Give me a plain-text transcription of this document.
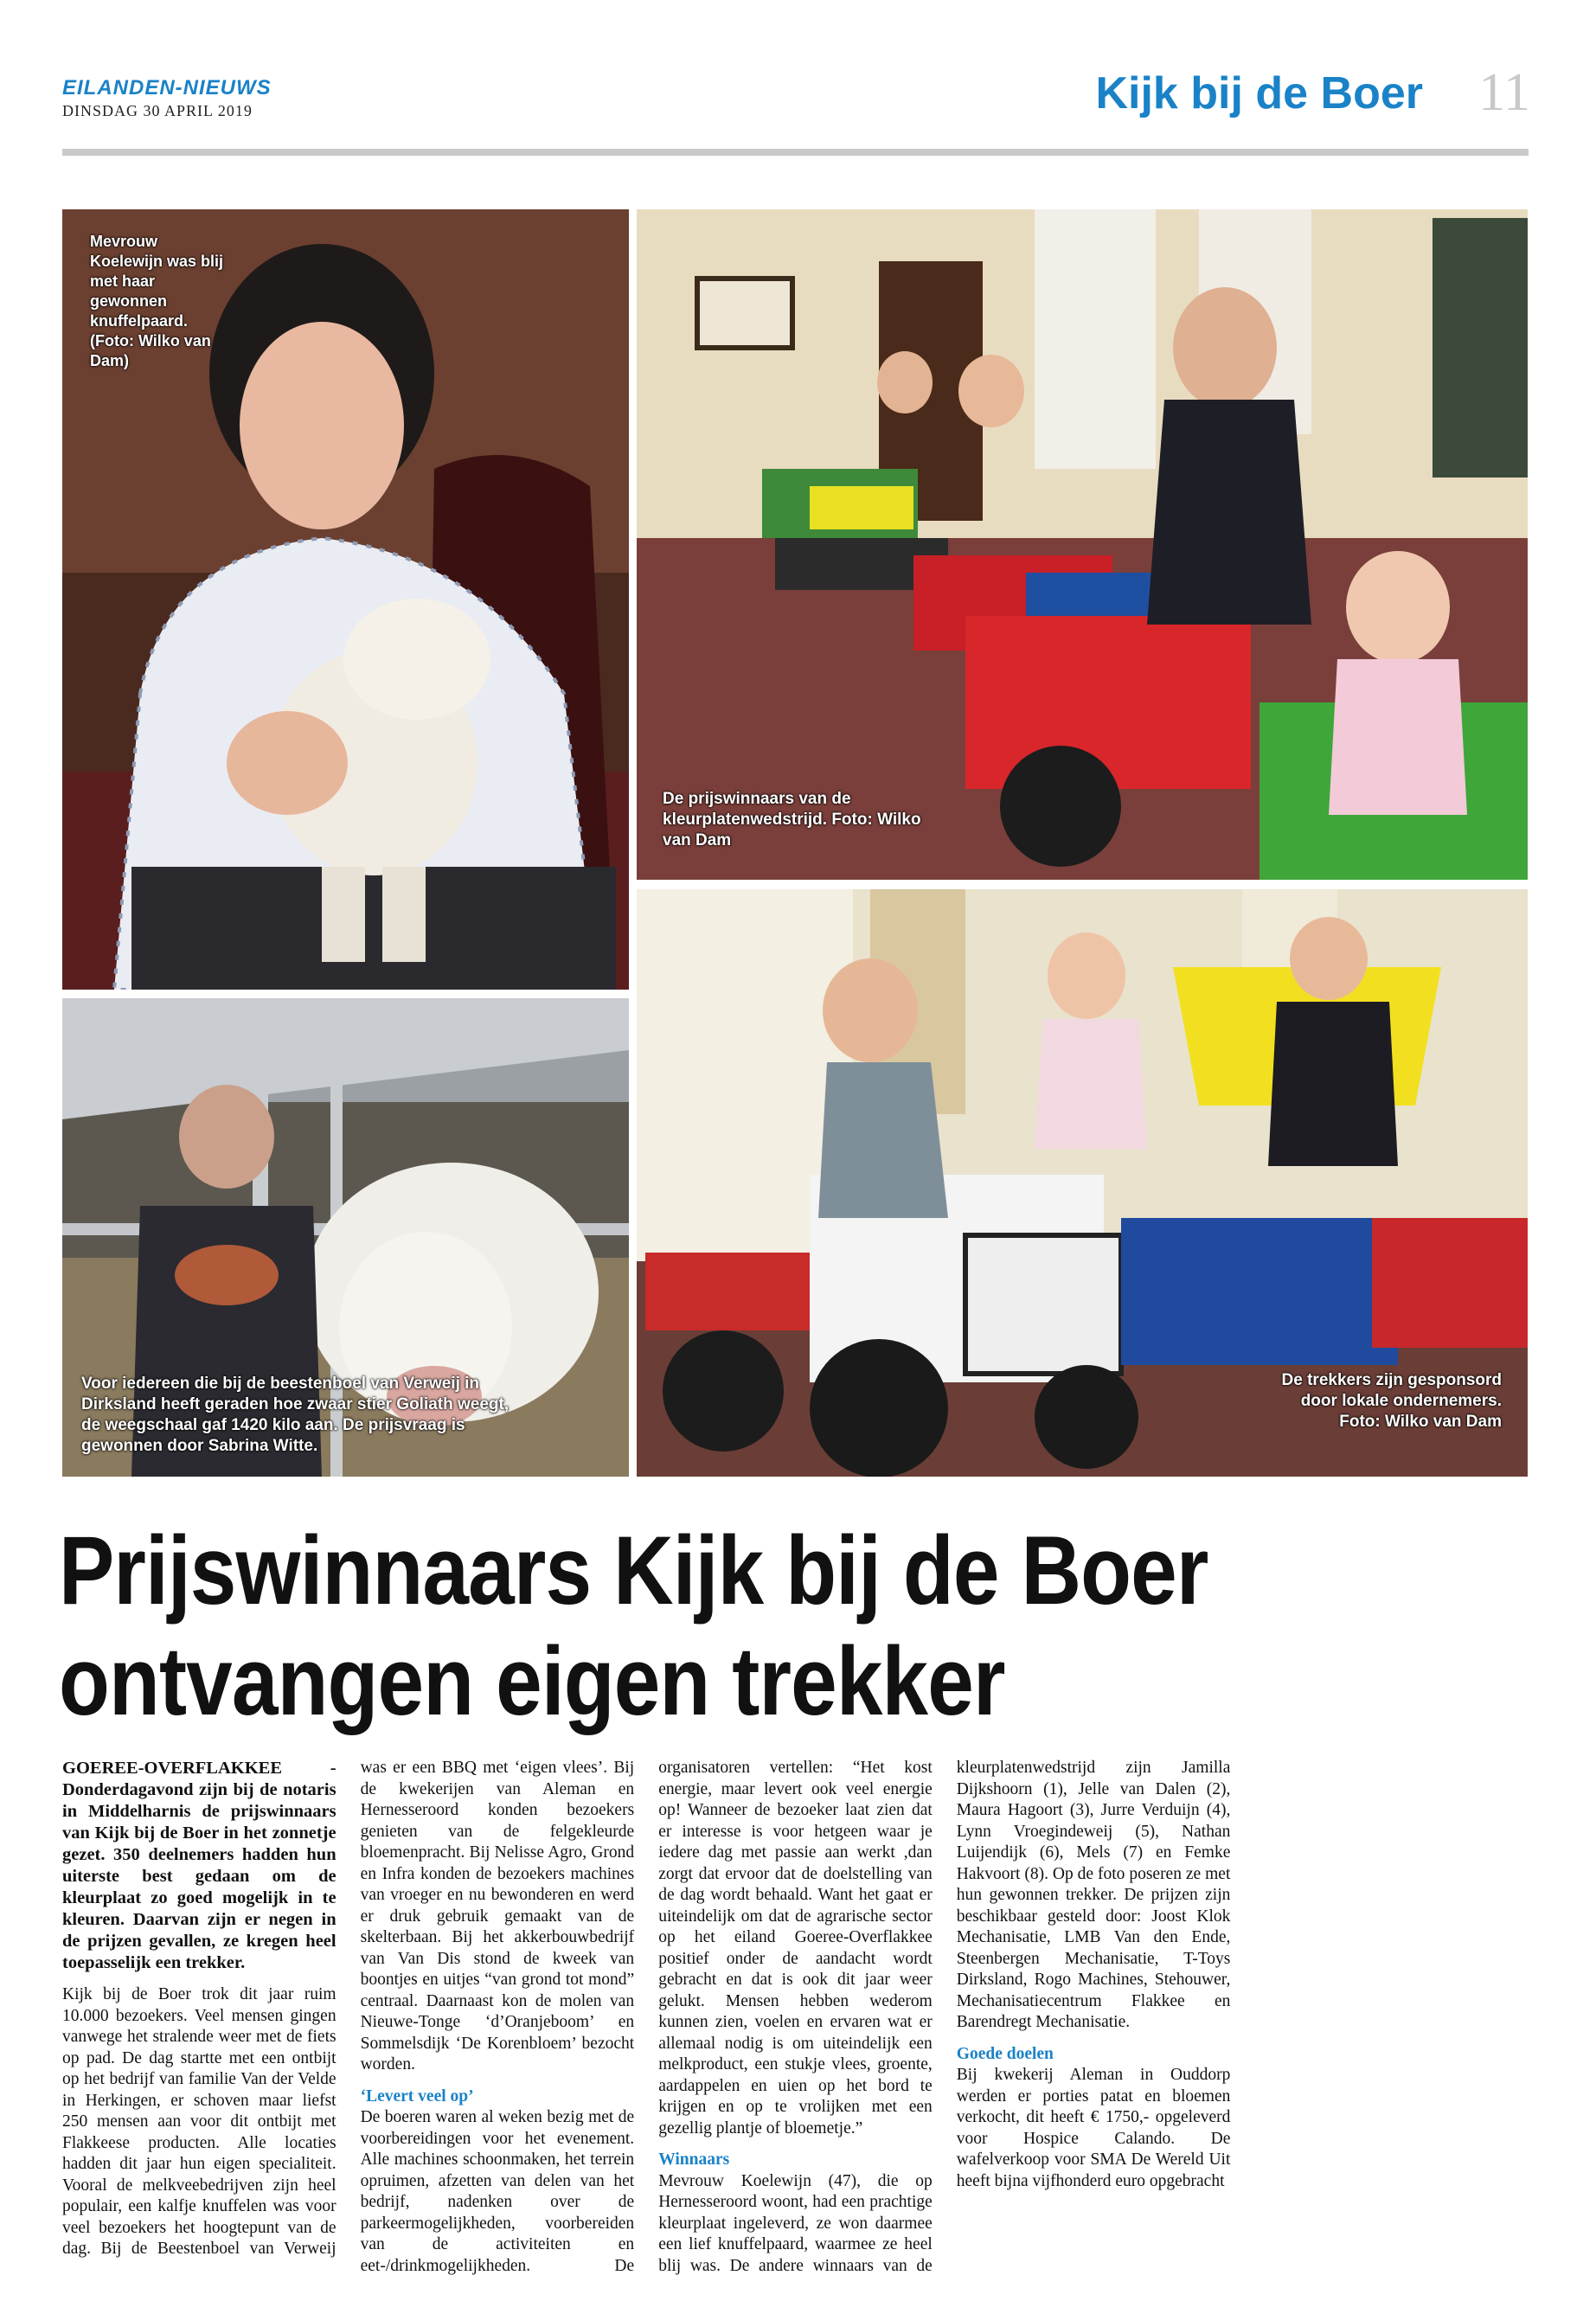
EILANDEN-NIEUWS
DINSDAG 30 APRIL 2019	Kijk bij de Boer 11
Mevrouw Koelewijn was blij met haar gewonnen knuffelpaard. (Foto: Wilko van Dam)
De prijswinnaars van de kleurplatenwedstrijd. Foto: Wilko van Dam
Voor iedereen die bij de beestenboel van Verweij in Dirksland heeft geraden hoe zwaar stier Goliath weegt, de weegschaal gaf 1420 kilo aan. De prijsvraag is gewonnen door Sabrina Witte.
De trekkers zijn gesponsord door lokale ondernemers. Foto: Wilko van Dam
Prijswinnaars Kijk bij de Boer
ontvangen eigen trekker

GOEREE-OVERFLAKKEE - Donderdagavond zijn bij de notaris in Middelharnis de prijswinnaars van Kijk bij de Boer in het zonnetje gezet. 350 deelnemers hadden hun uiterste best gedaan om de kleurplaat zo goed mogelijk in te kleuren. Daarvan zijn er negen in de prijzen gevallen, ze kregen heel toepasselijk een trekker.

Kijk bij de Boer trok dit jaar ruim 10.000 bezoekers. Veel mensen gingen vanwege het stralende weer met de fiets op pad. De dag startte met een ontbijt op het bedrijf van familie Van der Velde in Herkingen, er schoven maar liefst 250 mensen aan voor dit ontbijt met Flakkeese producten. Alle locaties hadden dit jaar hun eigen specialiteit. Vooral de melkveebedrijven zijn heel populair, een kalfje knuffelen was voor veel bezoekers het hoogtepunt van de dag. Bij de Beestenboel van Verweij was er een BBQ met ‘eigen vlees’. Bij de kwekerijen van Aleman en Hernesseroord konden bezoekers genieten van de felgekleurde bloemenpracht. Bij Nelisse Agro, Grond en Infra konden de bezoekers machines van vroeger en nu bewonderen en werd er druk gebruik gemaakt van de skelterbaan. Bij het akkerbouwbedrijf van Van Dis stond de kweek van boontjes en uitjes “van grond tot mond” centraal. Daarnaast kon de molen van Nieuwe-Tonge ‘d’Oranjeboom’ en Sommelsdijk ‘De Korenbloem’ bezocht worden.

‘Levert veel op’

De boeren waren al weken bezig met de voorbereidingen voor het evenement. Alle machines schoonmaken, het terrein opruimen, afzetten van delen van het bedrijf, nadenken over de parkeermogelijkheden, voorbereiden van de activiteiten en eet-/drinkmogelijkheden. De organisatoren vertellen: “Het kost energie, maar levert ook veel energie op! Wanneer de bezoeker laat zien dat er interesse is voor hetgeen waar je iedere dag met passie aan werkt ,dan zorgt dat ervoor dat de doelstelling van de dag wordt behaald. Want het gaat er uiteindelijk om dat de agrarische sector op het eiland Goeree-Overflakkee positief onder de aandacht wordt gebracht en dat is ook dit jaar weer gelukt. Mensen hebben wederom kunnen zien, voelen en ervaren wat er allemaal nodig is om uiteindelijk een melkproduct, een stukje vlees, groente, aardappelen en uien op het bord te krijgen en op te vrolijken met een gezellig plantje of bloemetje.”

Winnaars

Mevrouw Koelewijn (47), die op Hernesseroord woont, had een prachtige kleurplaat ingeleverd, ze won daarmee een lief knuffelpaard, waarmee ze heel blij was. De andere winnaars van de kleurplatenwedstrijd zijn Jamilla Dijkshoorn (1), Jelle van Dalen (2), Maura Hagoort (3), Jurre Verduijn (4), Lynn Vroegindeweij (5), Nathan Luijendijk (6), Mels (7) en Femke Hakvoort (8). Op de foto poseren ze met hun gewonnen trekker. De prijzen zijn beschikbaar gesteld door: Joost Klok Mechanisatie, LMB Van den Ende, Steenbergen Mechanisatie, T-Toys Dirksland, Rogo Machines, Stehouwer, Mechanisatiecentrum Flakkee en Barendregt Mechanisatie.

Goede doelen

Bij kwekerij Aleman in Ouddorp werden er porties patat en bloemen verkocht, dit heeft € 1750,- opgeleverd voor Hospice Calando. De wafelverkoop voor SMA De Wereld Uit heeft bijna vijfhonderd euro opgebracht
